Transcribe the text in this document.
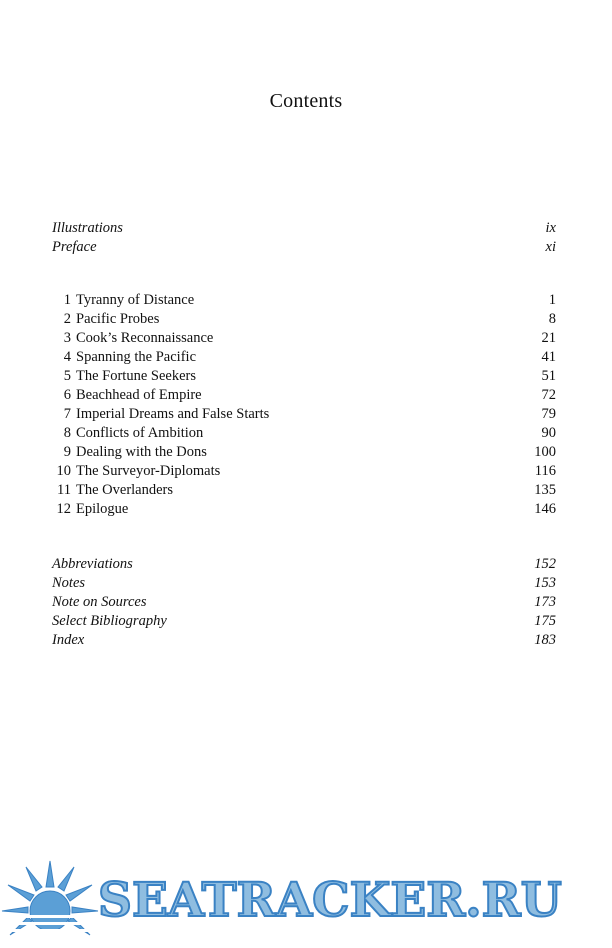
Contents
Illustrations	ix
Preface	xi
1 Tyranny of Distance	1
2 Pacific Probes	8
3 Cook’s Reconnaissance	21
4 Spanning the Pacific	41
5 The Fortune Seekers	51
6 Beachhead of Empire	72
7 Imperial Dreams and False Starts	79
8 Conflicts of Ambition	90
9 Dealing with the Dons	100
10 The Surveyor-Diplomats	116
11 The Overlanders	135
12 Epilogue	146
Abbreviations	152
Notes	153
Note on Sources	173
Select Bibliography	175
Index	183
SEATRACKER.RU
